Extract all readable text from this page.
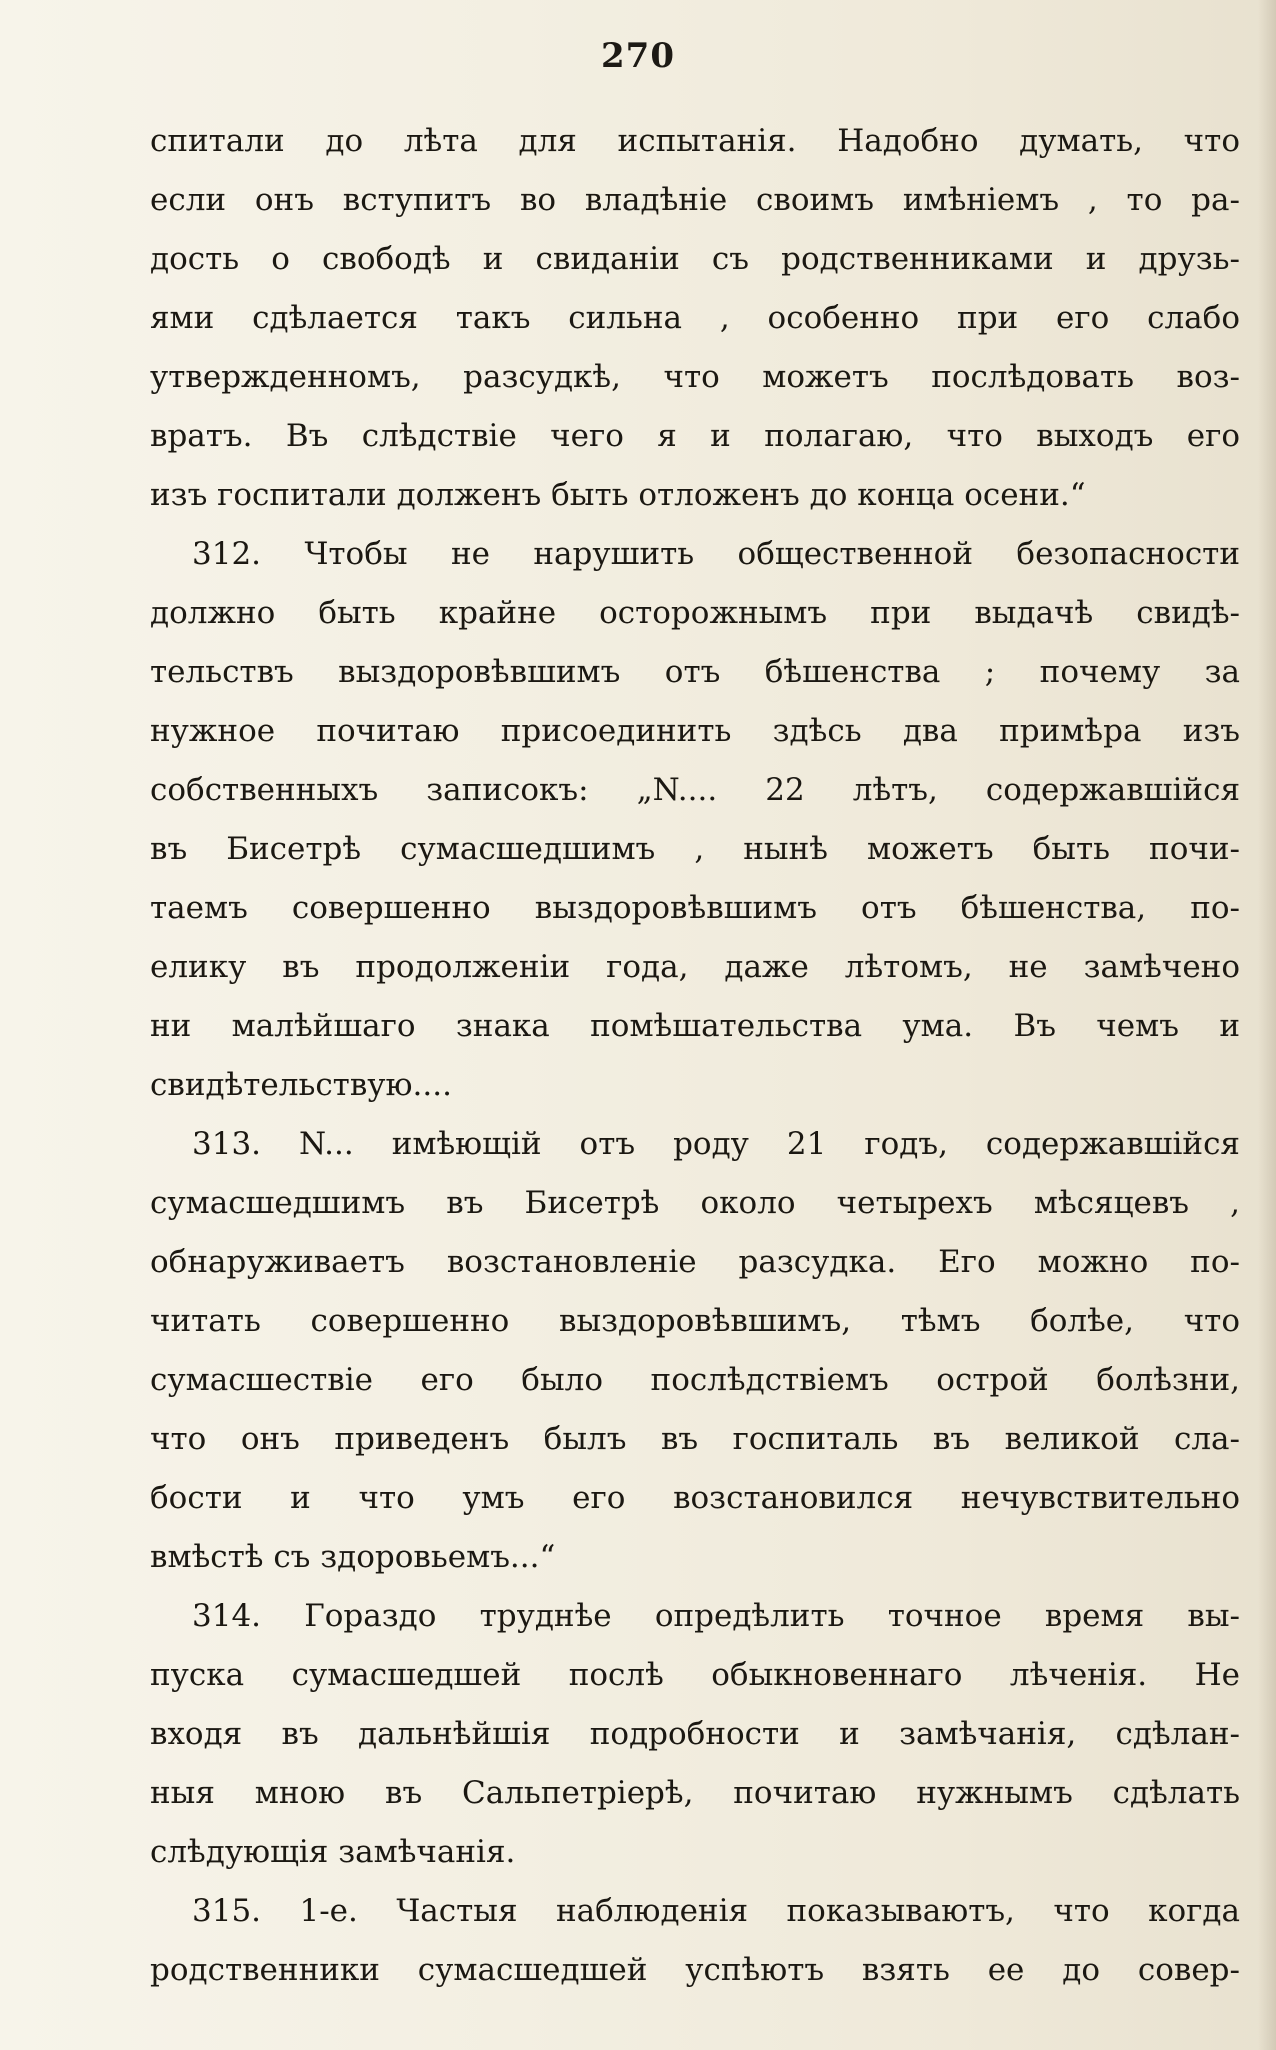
270
спитали до лѣта для испытанія. Надобно думать, что
если онъ вступитъ во владѣніе своимъ имѣніемъ , то ра-
дость о свободѣ и свиданіи съ родственниками и друзь-
ями сдѣлается такъ сильна , особенно при его слабо
утвержденномъ, разсудкѣ, что можетъ послѣдовать воз-
вратъ. Въ слѣдствіе чего я и полагаю, что выходъ его
изъ госпитали долженъ быть отложенъ до конца осени.“
312. Чтобы не нарушить общественной безопасности
должно быть крайне осторожнымъ при выдачѣ свидѣ-
тельствъ выздоровѣвшимъ отъ бѣшенства ; почему за
нужное почитаю присоединить здѣсь два примѣра изъ
собственныхъ записокъ: „N.... 22 лѣтъ, содержавшійся
въ Бисетрѣ сумасшедшимъ , нынѣ можетъ быть почи-
таемъ совершенно выздоровѣвшимъ отъ бѣшенства, по-
елику въ продолженіи года, даже лѣтомъ, не замѣчено
ни малѣйшаго знака помѣшательства ума. Въ чемъ и
свидѣтельствую....
313. N... имѣющій отъ роду 21 годъ, содержавшійся
сумасшедшимъ въ Бисетрѣ около четырехъ мѣсяцевъ ,
обнаруживаетъ возстановленіе разсудка. Его можно по-
читать совершенно выздоровѣвшимъ, тѣмъ болѣе, что
сумасшествіе его было послѣдствіемъ острой болѣзни,
что онъ приведенъ былъ въ госпиталь въ великой сла-
бости и что умъ его возстановился нечувствительно
вмѣстѣ съ здоровьемъ...“
314. Гораздо труднѣе опредѣлить точное время вы-
пуска сумасшедшей послѣ обыкновеннаго лѣченія. Не
входя въ дальнѣйшія подробности и замѣчанія, сдѣлан-
ныя мною въ Сальпетріерѣ, почитаю нужнымъ сдѣлать
слѣдующія замѣчанія.
315. 1-е. Частыя наблюденія показываютъ, что когда
родственники сумасшедшей успѣютъ взять ее до совер-
